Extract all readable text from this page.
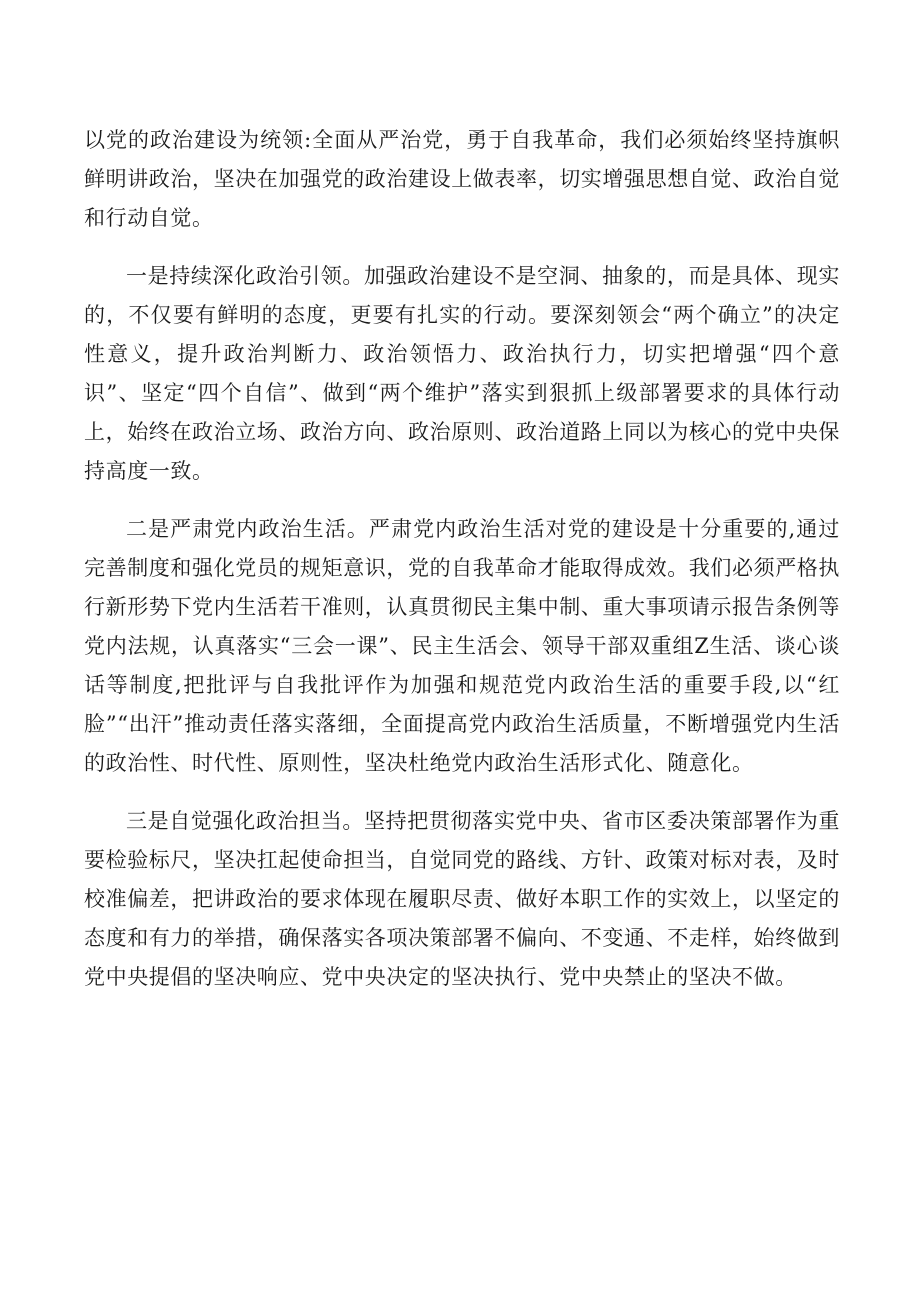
以党的政治建设为统领:全面从严治党，勇于自我革命，我们必须始终坚持旗帜鲜明讲政治，坚决在加强党的政治建设上做表率，切实增强思想自觉、政治自觉和行动自觉。

一是持续深化政治引领。加强政治建设不是空洞、抽象的，而是具体、现实的，不仅要有鲜明的态度，更要有扎实的行动。要深刻领会“两个确立”的决定性意义，提升政治判断力、政治领悟力、政治执行力，切实把增强“四个意识”、坚定“四个自信”、做到“两个维护”落实到狠抓上级部署要求的具体行动上，始终在政治立场、政治方向、政治原则、政治道路上同以为核心的党中央保持高度一致。

二是严肃党内政治生活。严肃党内政治生活对党的建设是十分重要的,通过完善制度和强化党员的规矩意识，党的自我革命才能取得成效。我们必须严格执行新形势下党内生活若干准则，认真贯彻民主集中制、重大事项请示报告条例等党内法规，认真落实“三会一课”、民主生活会、领导干部双重组Z生活、谈心谈话等制度,把批评与自我批评作为加强和规范党内政治生活的重要手段,以“红脸”“出汗”推动责任落实落细，全面提高党内政治生活质量，不断增强党内生活的政治性、时代性、原则性，坚决杜绝党内政治生活形式化、随意化。

三是自觉强化政治担当。坚持把贯彻落实党中央、省市区委决策部署作为重要检验标尺，坚决扛起使命担当，自觉同党的路线、方针、政策对标对表，及时校准偏差，把讲政治的要求体现在履职尽责、做好本职工作的实效上，以坚定的态度和有力的举措，确保落实各项决策部署不偏向、不变通、不走样，始终做到党中央提倡的坚决响应、党中央决定的坚决执行、党中央禁止的坚决不做。
